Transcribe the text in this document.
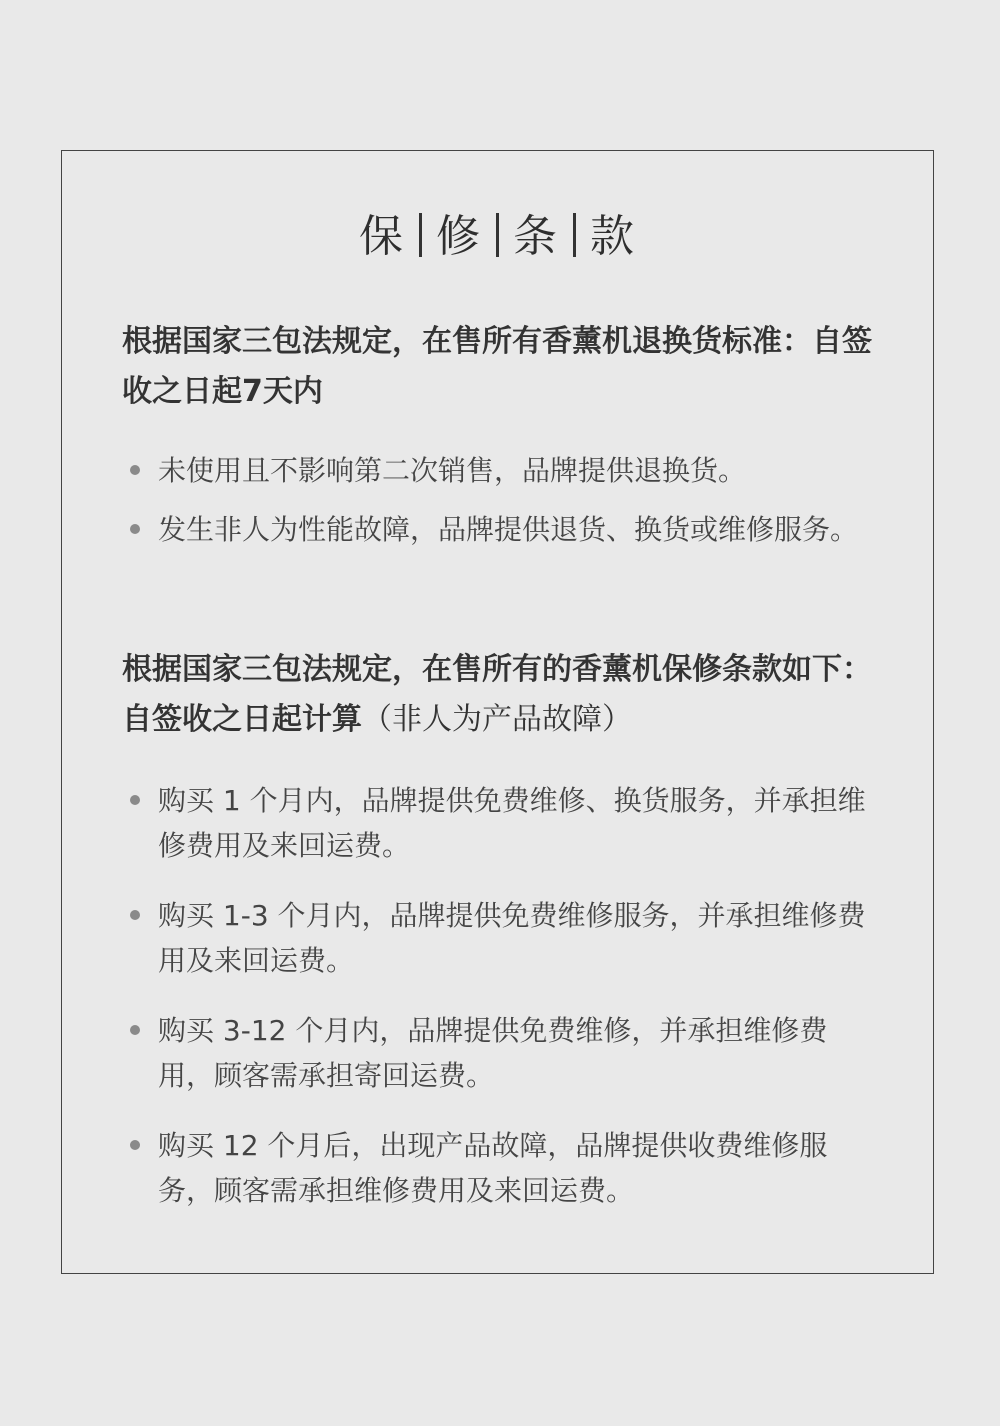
保 修 条 款
根据国家三包法规定，在售所有香薰机退换货标准：自签收之日起7天内
未使用且不影响第二次销售，品牌提供退换货。
发生非人为性能故障，品牌提供退货、换货或维修服务。
根据国家三包法规定，在售所有的香薰机保修条款如下：自签收之日起计算（非人为产品故障）
购买 1 个月内，品牌提供免费维修、换货服务，并承担维修费用及来回运费。
购买 1-3 个月内，品牌提供免费维修服务，并承担维修费用及来回运费。
购买 3-12 个月内，品牌提供免费维修，并承担维修费用，顾客需承担寄回运费。
购买 12 个月后，出现产品故障，品牌提供收费维修服务，顾客需承担维修费用及来回运费。
